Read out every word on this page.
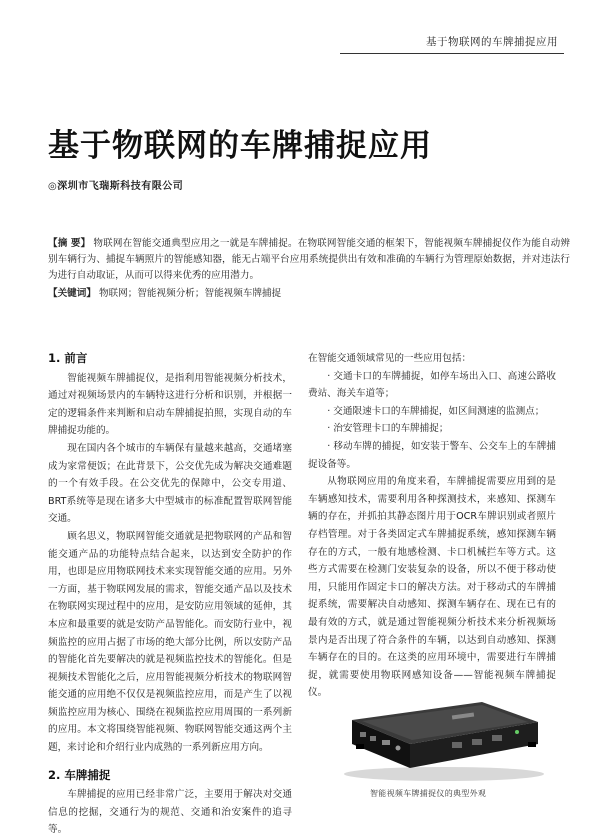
基于物联网的车牌捕捉应用
基于物联网的车牌捕捉应用
◎深圳市飞瑞斯科技有限公司

【摘 要】 物联网在智能交通典型应用之一就是车牌捕捉。在物联网智能交通的框架下，智能视频车牌捕捉仪作为能自动辨别车辆行为、捕捉车辆照片的智能感知器，能无占端平台应用系统提供出有效和准确的车辆行为管理原始数据，并对违法行为进行自动取证，从而可以得来优秀的应用潜力。

【关键词】 物联网；智能视频分析；智能视频车牌捕捉

1. 前言

智能视频车牌捕捉仪，是指利用智能视频分析技术，通过对视频场景内的车辆特这进行分析和识别，并根据一定的逻辑条件来判断和启动车牌捕捉拍照，实现自动的车牌捕捉功能的。

现在国内各个城市的车辆保有量越来越高，交通堵塞成为家常便饭；在此背景下，公交优先成为解决交通难题的一个有效手段。在公交优先的保障中，公交专用道、BRT系统等是现在诸多大中型城市的标准配置智联网智能交通。

顾名思义，物联网智能交通就是把物联网的产品和智能交通产品的功能特点结合起来，以达到安全防护的作用，也即是应用物联网技术来实现智能交通的应用。另外一方面，基于物联网发展的需求，智能交通产品以及技术在物联网实现过程中的应用，是安防应用领域的延伸，其本应和最重要的就是安防产品智能化。而安防行业中，视频监控的应用占据了市场的绝大部分比例，所以安防产品的智能化首先要解决的就是视频监控技术的智能化。但是视频技术智能化之后，应用智能视频分析技术的物联网智能交通的应用绝不仅仅是视频监控应用，而是产生了以视频监控应用为核心、围绕在视频监控应用周围的一系列新的应用。本文将围绕智能视频、物联网智能交通这两个主题，来讨论和介绍行业内成熟的一系列新应用方向。

2. 车牌捕捉

车牌捕捉的应用已经非常广泛，主要用于解决对交通信息的挖掘，交通行为的规范、交通和治安案件的追寻等。

在智能交通领域常见的一些应用包括：

· 交通卡口的车牌捕捉，如停车场出入口、高速公路收费站、海关车道等；

· 交通限速卡口的车牌捕捉，如区间测速的监测点；

· 治安管理卡口的车牌捕捉；

· 移动车牌的捕捉，如安装于警车、公交车上的车牌捕捉设备等。

从物联网应用的角度来看，车牌捕捉需要应用到的是车辆感知技术，需要利用各种探测技术，来感知、探测车辆的存在，并抓拍其静态图片用于OCR车牌识别或者照片存档管理。对于各类固定式车牌捕捉系统，感知探测车辆存在的方式，一般有地感检测、卡口机械拦车等方式。这些方式需要在检测门安装复杂的设备，所以不便于移动使用，只能用作固定卡口的解决方法。对于移动式的车牌捕捉系统，需要解决自动感知、探测车辆存在、现在已有的最有效的方式，就是通过智能视频分析技术来分析视频场景内是否出现了符合条件的车辆，以达到自动感知、探测车辆存在的目的。在这类的应用环境中，需要进行车牌捕捉，就需要使用物联网感知设备——智能视频车牌捕捉仪。

智能视频车牌捕捉仪的典型外观
